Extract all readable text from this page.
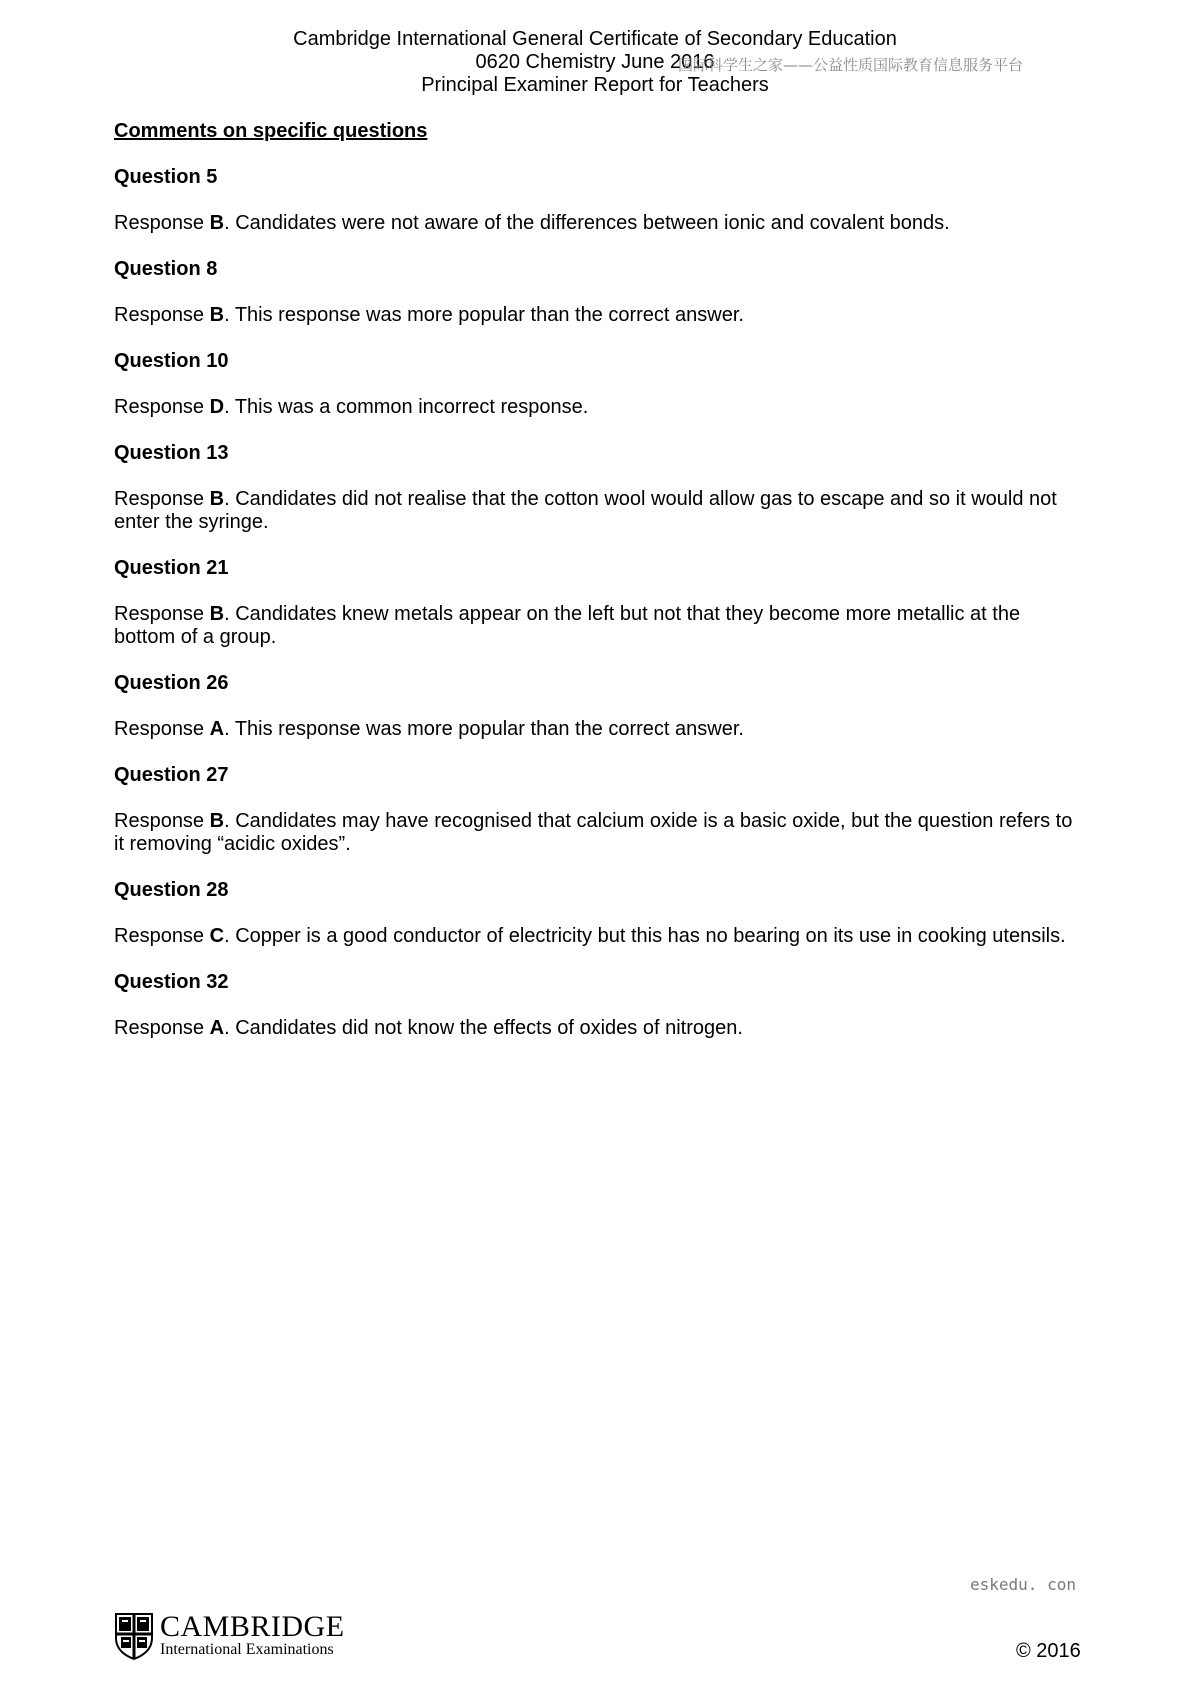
Cambridge International General Certificate of Secondary Education
0620 Chemistry June 2016
Principal Examiner Report for Teachers
国际科学生之家——公益性质国际教育信息服务平台
Comments on specific questions
Question 5
Response B. Candidates were not aware of the differences between ionic and covalent bonds.
Question 8
Response B. This response was more popular than the correct answer.
Question 10
Response D. This was a common incorrect response.
Question 13
Response B. Candidates did not realise that the cotton wool would allow gas to escape and so it would not enter the syringe.
Question 21
Response B. Candidates knew metals appear on the left but not that they become more metallic at the bottom of a group.
Question 26
Response A. This response was more popular than the correct answer.
Question 27
Response B. Candidates may have recognised that calcium oxide is a basic oxide, but the question refers to it removing “acidic oxides”.
Question 28
Response C. Copper is a good conductor of electricity but this has no bearing on its use in cooking utensils.
Question 32
Response A. Candidates did not know the effects of oxides of nitrogen.
eskedu. con
CAMBRIDGE
International Examinations	© 2016
